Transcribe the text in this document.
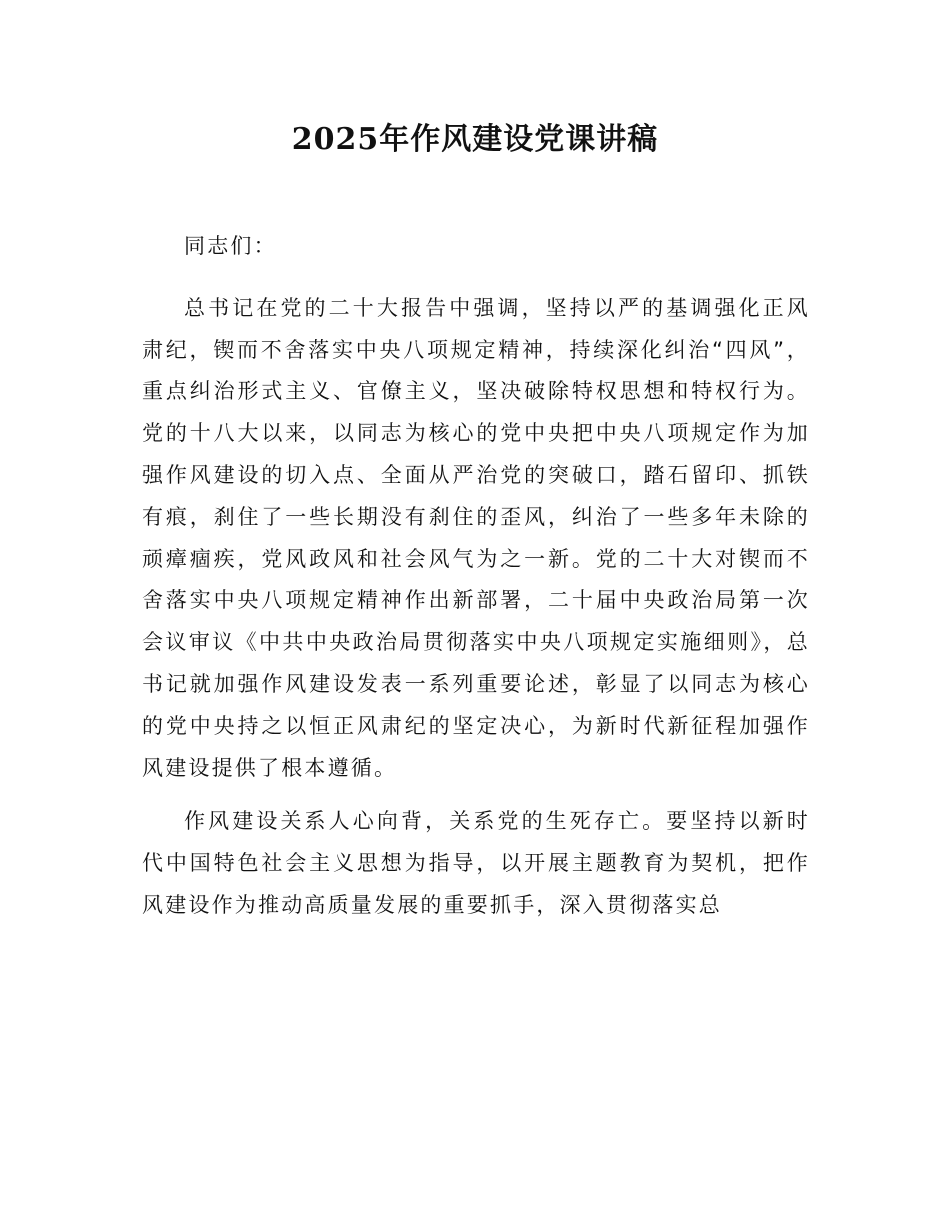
2025年作风建设党课讲稿

同志们：

总书记在党的二十大报告中强调，坚持以严的基调强化正风肃纪，锲而不舍落实中央八项规定精神，持续深化纠治“四风”，重点纠治形式主义、官僚主义，坚决破除特权思想和特权行为。党的十八大以来，以同志为核心的党中央把中央八项规定作为加强作风建设的切入点、全面从严治党的突破口，踏石留印、抓铁有痕，刹住了一些长期没有刹住的歪风，纠治了一些多年未除的顽瘴痼疾，党风政风和社会风气为之一新。党的二十大对锲而不舍落实中央八项规定精神作出新部署，二十届中央政治局第一次会议审议《中共中央政治局贯彻落实中央八项规定实施细则》，总书记就加强作风建设发表一系列重要论述，彰显了以同志为核心的党中央持之以恒正风肃纪的坚定决心，为新时代新征程加强作风建设提供了根本遵循。

作风建设关系人心向背，关系党的生死存亡。要坚持以新时代中国特色社会主义思想为指导，以开展主题教育为契机，把作风建设作为推动高质量发展的重要抓手，深入贯彻落实总
